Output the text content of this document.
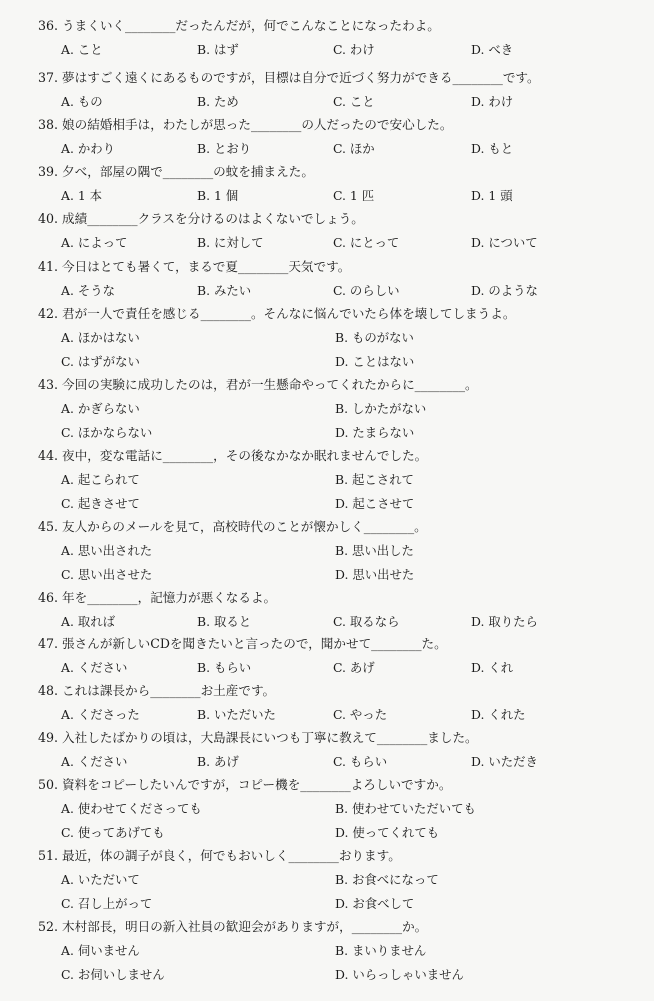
36. うまくいく________だったんだが，何でこんなことになったわよ。
A. こと	B. はず	C. わけ	D. べき
37. 夢はすごく遠くにあるものですが，目標は自分で近づく努力ができる________です。
A. もの	B. ため	C. こと	D. わけ
38. 娘の結婚相手は，わたしが思った________の人だったので安心した。
A. かわり	B. とおり	C. ほか	D. もと
39. 夕べ，部屋の隅で________の蚊を捕まえた。
A. 1 本	B. 1 個	C. 1 匹	D. 1 頭
40. 成績________クラスを分けるのはよくないでしょう。
A. によって	B. に対して	C. にとって	D. について
41. 今日はとても暑くて，まるで夏________天気です。
A. そうな	B. みたい	C. のらしい	D. のような
42. 君が一人で責任を感じる________。そんなに悩んでいたら体を壊してしまうよ。
A. ほかはない	B. ものがない
C. はずがない	D. ことはない
43. 今回の実験に成功したのは，君が一生懸命やってくれたからに________。
A. かぎらない	B. しかたがない
C. ほかならない	D. たまらない
44. 夜中，変な電話に________，その後なかなか眠れませんでした。
A. 起こられて	B. 起こされて
C. 起きさせて	D. 起こさせて
45. 友人からのメールを見て，高校時代のことが懐かしく________。
A. 思い出された	B. 思い出した
C. 思い出させた	D. 思い出せた
46. 年を________，記憶力が悪くなるよ。
A. 取れば	B. 取ると	C. 取るなら	D. 取りたら
47. 張さんが新しいCDを聞きたいと言ったので，聞かせて________た。
A. ください	B. もらい	C. あげ	D. くれ
48. これは課長から________お土産です。
A. くださった	B. いただいた	C. やった	D. くれた
49. 入社したばかりの頃は，大島課長にいつも丁寧に教えて________ました。
A. ください	B. あげ	C. もらい	D. いただき
50. 資料をコピーしたいんですが，コピー機を________よろしいですか。
A. 使わせてくださっても	B. 使わせていただいても
C. 使ってあげても	D. 使ってくれても
51. 最近，体の調子が良く，何でもおいしく________おります。
A. いただいて	B. お食べになって
C. 召し上がって	D. お食べして
52. 木村部長，明日の新入社員の歓迎会がありますが，________か。
A. 伺いません	B. まいりません
C. お伺いしません	D. いらっしゃいません
